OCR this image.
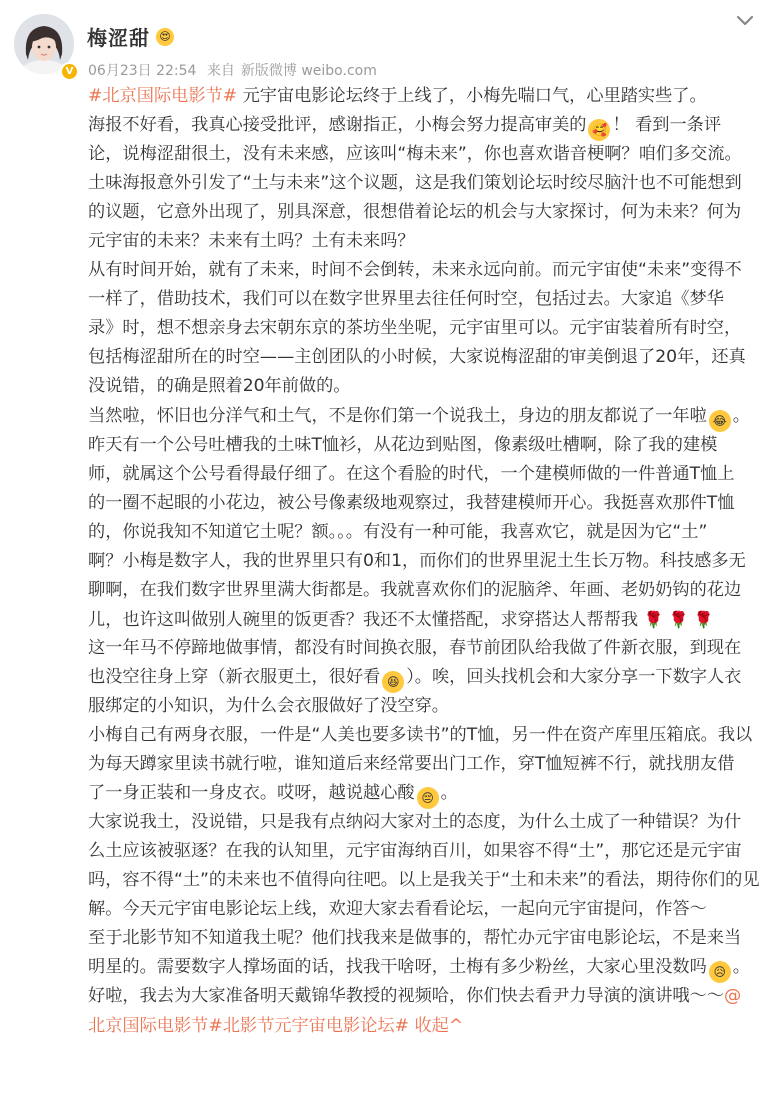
V
梅涩甜 😍
06月23日 22:54 来自 新版微博 weibo.com
#北京国际电影节# 元宇宙电影论坛终于上线了，小梅先喘口气，心里踏实些了。
海报不好看，我真心接受批评，感谢指正，小梅会努力提高审美的 🥰 ！ 看到一条评
论，说梅涩甜很土，没有未来感，应该叫“梅未来”，你也喜欢谐音梗啊？咱们多交流。
土味海报意外引发了“土与未来”这个议题，这是我们策划论坛时绞尽脑汁也不可能想到
的议题，它意外出现了，别具深意，很想借着论坛的机会与大家探讨，何为未来？何为
元宇宙的未来？未来有土吗？土有未来吗？
从有时间开始，就有了未来，时间不会倒转，未来永远向前。而元宇宙使“未来”变得不
一样了，借助技术，我们可以在数字世界里去往任何时空，包括过去。大家追《梦华
录》时，想不想亲身去宋朝东京的茶坊坐坐呢，元宇宙里可以。元宇宙装着所有时空，
包括梅涩甜所在的时空——主创团队的小时候，大家说梅涩甜的审美倒退了20年，还真
没说错，的确是照着20年前做的。
当然啦，怀旧也分洋气和土气，不是你们第一个说我土，身边的朋友都说了一年啦 😂 。
昨天有一个公号吐槽我的土味T恤衫，从花边到贴图，像素级吐槽啊，除了我的建模
师，就属这个公号看得最仔细了。在这个看脸的时代，一个建模师做的一件普通T恤上
的一圈不起眼的小花边，被公号像素级地观察过，我替建模师开心。我挺喜欢那件T恤
的，你说我知不知道它土呢？额。。。有没有一种可能，我喜欢它，就是因为它“土”
啊？小梅是数字人，我的世界里只有0和1，而你们的世界里泥土生长万物。科技感多无
聊啊，在我们数字世界里满大街都是。我就喜欢你们的泥脑斧、年画、老奶奶钩的花边
儿，也许这叫做别人碗里的饭更香？我还不太懂搭配，求穿搭达人帮帮我 🌹 🌹 🌹
这一年马不停蹄地做事情，都没有时间换衣服，春节前团队给我做了件新衣服，到现在
也没空往身上穿（新衣服更土，很好看 😆 ）。唉，回头找机会和大家分享一下数字人衣
服绑定的小知识，为什么会衣服做好了没空穿。
小梅自己有两身衣服，一件是“人美也要多读书”的T恤，另一件在资产库里压箱底。我以
为每天蹲家里读书就行啦，谁知道后来经常要出门工作，穿T恤短裤不行，就找朋友借
了一身正装和一身皮衣。哎呀，越说越心酸 😔 。
大家说我土，没说错，只是我有点纳闷大家对土的态度，为什么土成了一种错误？为什
么土应该被驱逐？在我的认知里，元宇宙海纳百川，如果容不得“土”，那它还是元宇宙
吗，容不得“土”的未来也不值得向往吧。以上是我关于“土和未来”的看法，期待你们的见
解。今天元宇宙电影论坛上线，欢迎大家去看看论坛，一起向元宇宙提问，作答～
至于北影节知不知道我土呢？他们找我来是做事的，帮忙办元宇宙电影论坛，不是来当
明星的。需要数字人撑场面的话，找我干啥呀，土梅有多少粉丝，大家心里没数吗 😥 。
好啦，我去为大家准备明天戴锦华教授的视频哈，你们快去看尹力导演的演讲哦～～@
北京国际电影节#北影节元宇宙电影论坛# 收起^
